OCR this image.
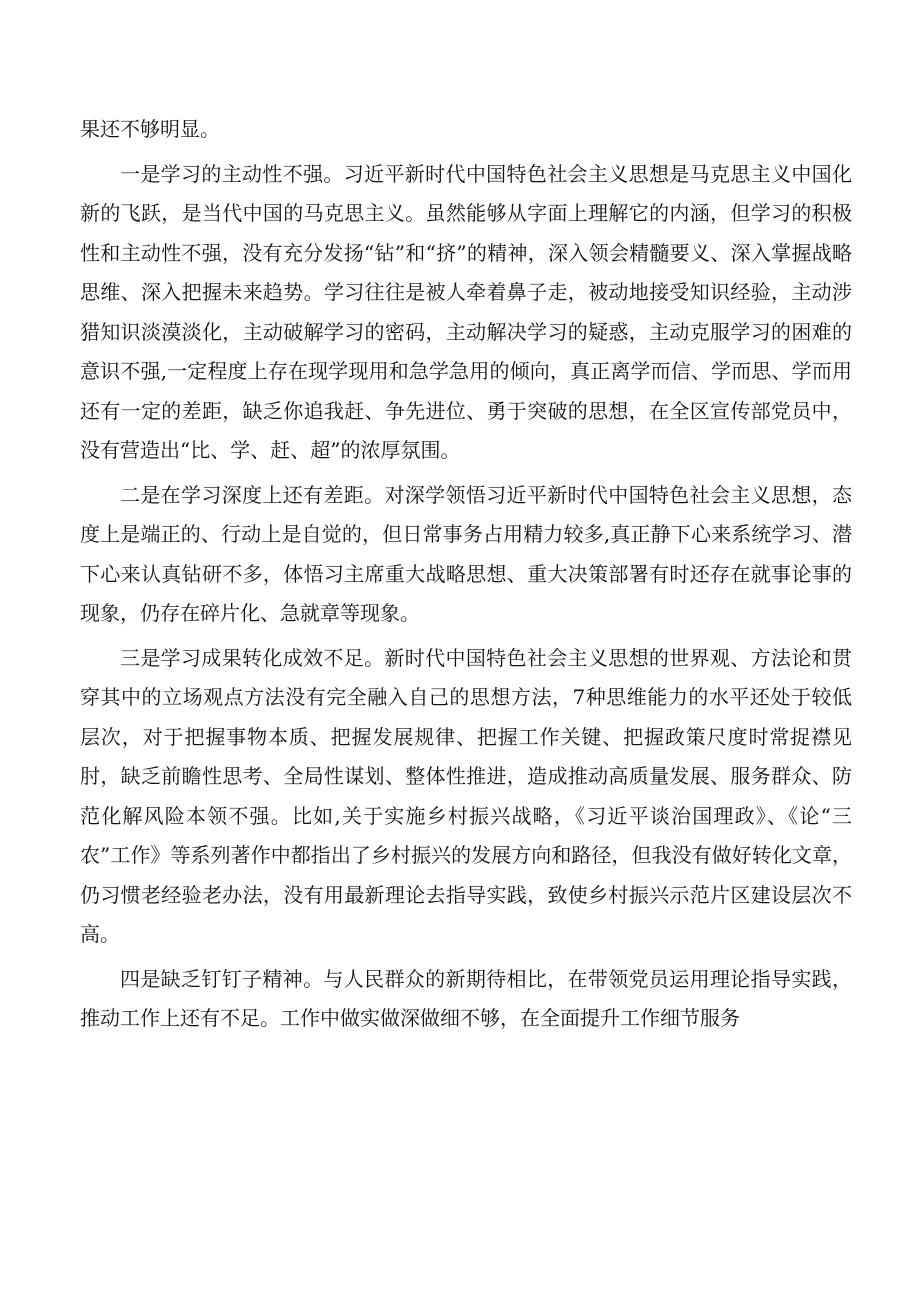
果还不够明显。

一是学习的主动性不强。习近平新时代中国特色社会主义思想是马克思主义中国化新的飞跃，是当代中国的马克思主义。虽然能够从字面上理解它的内涵，但学习的积极性和主动性不强，没有充分发扬“钻”和“挤”的精神，深入领会精髓要义、深入掌握战略思维、深入把握未来趋势。学习往往是被人牵着鼻子走，被动地接受知识经验，主动涉猎知识淡漠淡化，主动破解学习的密码，主动解决学习的疑惑，主动克服学习的困难的意识不强,一定程度上存在现学现用和急学急用的倾向，真正离学而信、学而思、学而用还有一定的差距，缺乏你追我赶、争先进位、勇于突破的思想，在全区宣传部党员中，没有营造出“比、学、赶、超”的浓厚氛围。

二是在学习深度上还有差距。对深学领悟习近平新时代中国特色社会主义思想，态度上是端正的、行动上是自觉的，但日常事务占用精力较多,真正静下心来系统学习、潜下心来认真钻研不多，体悟习主席重大战略思想、重大决策部署有时还存在就事论事的现象，仍存在碎片化、急就章等现象。

三是学习成果转化成效不足。新时代中国特色社会主义思想的世界观、方法论和贯穿其中的立场观点方法没有完全融入自己的思想方法，7种思维能力的水平还处于较低层次，对于把握事物本质、把握发展规律、把握工作关键、把握政策尺度时常捉襟见肘，缺乏前瞻性思考、全局性谋划、整体性推进，造成推动高质量发展、服务群众、防范化解风险本领不强。比如,关于实施乡村振兴战略，《习近平谈治国理政》、《论“三农”工作》等系列著作中都指出了乡村振兴的发展方向和路径，但我没有做好转化文章，仍习惯老经验老办法，没有用最新理论去指导实践，致使乡村振兴示范片区建设层次不高。

四是缺乏钉钉子精神。与人民群众的新期待相比，在带领党员运用理论指导实践，推动工作上还有不足。工作中做实做深做细不够，在全面提升工作细节服务
